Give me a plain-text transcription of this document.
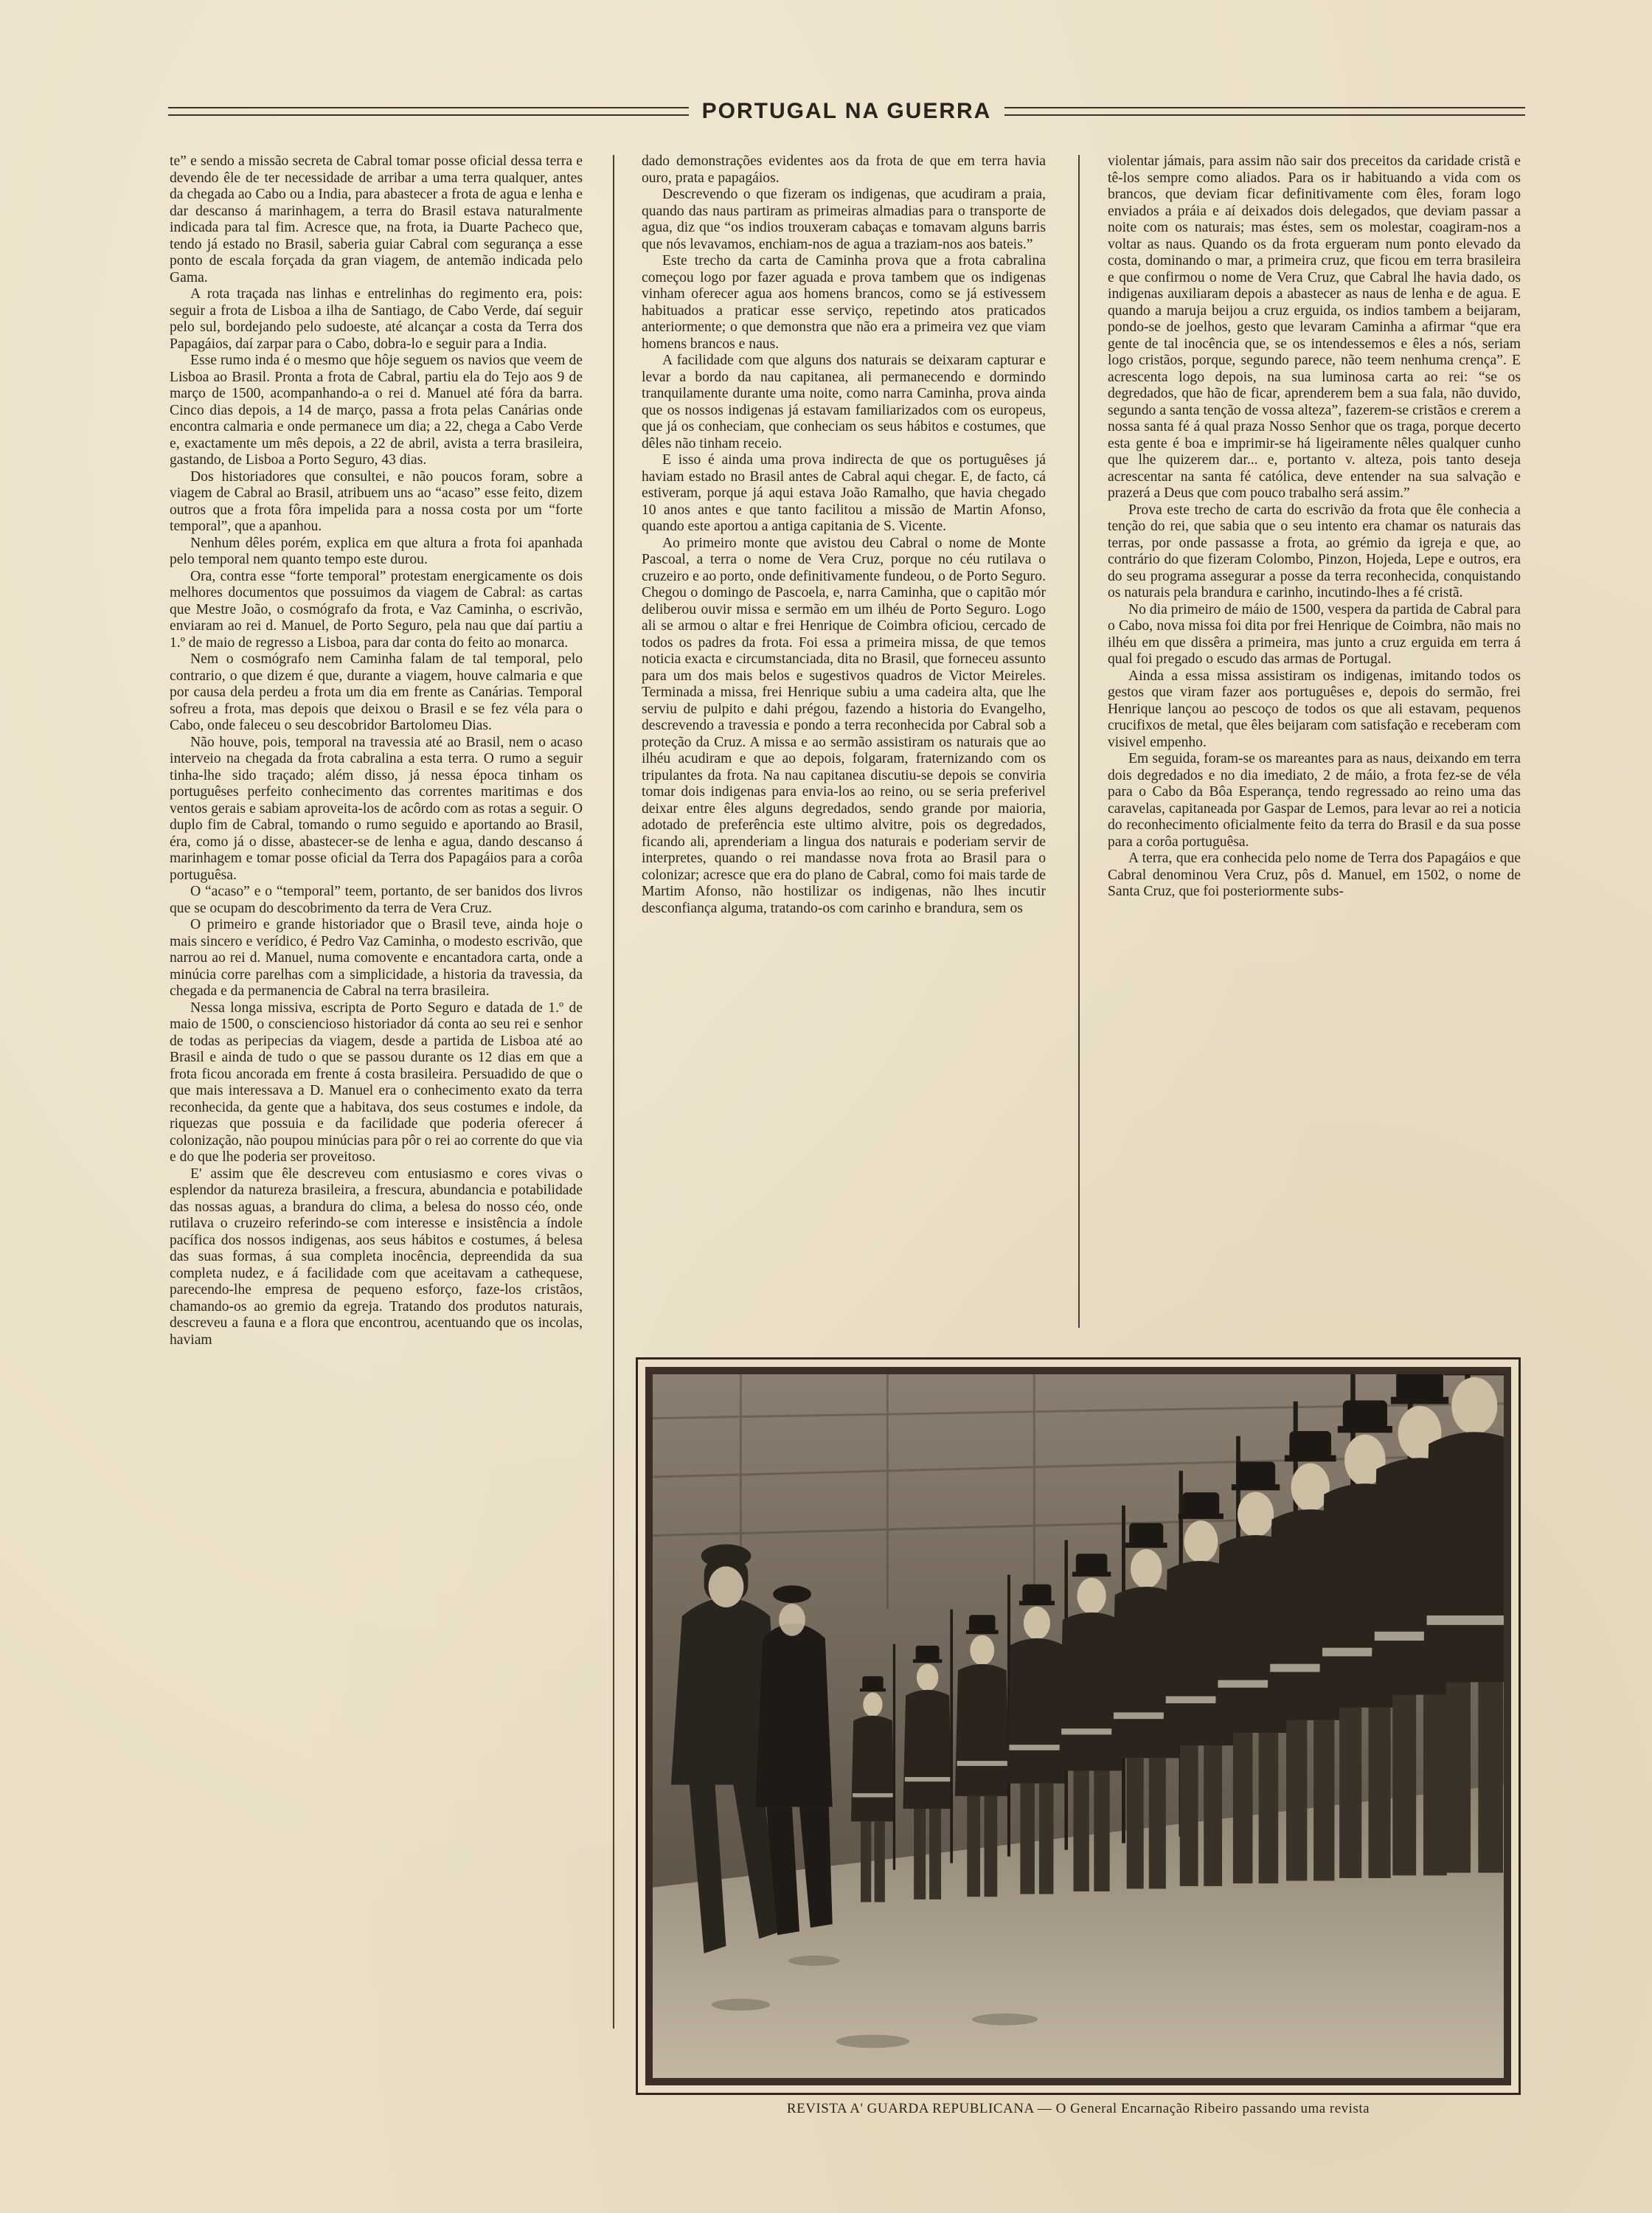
PORTUGAL NA GUERRA

te” e sendo a missão secreta de Cabral tomar posse oficial dessa terra e devendo êle de ter necessidade de arribar a uma terra qualquer, antes da chegada ao Cabo ou a India, para abastecer a frota de agua e lenha e dar descanso á marinhagem, a terra do Brasil estava naturalmente indicada para tal fim. Acresce que, na frota, ia Duarte Pacheco que, tendo já estado no Brasil, saberia guiar Cabral com segurança a esse ponto de escala forçada da gran viagem, de antemão indicada pelo Gama.

A rota traçada nas linhas e entrelinhas do regimento era, pois: seguir a frota de Lisboa a ilha de Santiago, de Cabo Verde, daí seguir pelo sul, bordejando pelo sudoeste, até alcançar a costa da Terra dos Papagáios, daí zarpar para o Cabo, dobra-lo e seguir para a India.

Esse rumo inda é o mesmo que hôje seguem os navios que veem de Lisboa ao Brasil. Pronta a frota de Cabral, partiu ela do Tejo aos 9 de março de 1500, acompanhando-a o rei d. Manuel até fóra da barra. Cinco dias depois, a 14 de março, passa a frota pelas Canárias onde encontra calmaria e onde permanece um dia; a 22, chega a Cabo Verde e, exactamente um mês depois, a 22 de abril, avista a terra brasileira, gastando, de Lisboa a Porto Seguro, 43 dias.

Dos historiadores que consultei, e não poucos foram, sobre a viagem de Cabral ao Brasil, atribuem uns ao “acaso” esse feito, dizem outros que a frota fôra impelida para a nossa costa por um “forte temporal”, que a apanhou.

Nenhum dêles porém, explica em que altura a frota foi apanhada pelo temporal nem quanto tempo este durou.

Ora, contra esse “forte temporal” protestam energicamente os dois melhores documentos que possuimos da viagem de Cabral: as cartas que Mestre João, o cosmógrafo da frota, e Vaz Caminha, o escrivão, enviaram ao rei d. Manuel, de Porto Seguro, pela nau que daí partiu a 1.º de maio de regresso a Lisboa, para dar conta do feito ao monarca.

Nem o cosmógrafo nem Caminha falam de tal temporal, pelo contrario, o que dizem é que, durante a viagem, houve calmaria e que por causa dela perdeu a frota um dia em frente as Canárias. Temporal sofreu a frota, mas depois que deixou o Brasil e se fez véla para o Cabo, onde faleceu o seu descobridor Bartolomeu Dias.

Não houve, pois, temporal na travessia até ao Brasil, nem o acaso interveio na chegada da frota cabralina a esta terra. O rumo a seguir tinha-lhe sido traçado; além disso, já nessa época tinham os portuguêses perfeito conhecimento das correntes maritimas e dos ventos gerais e sabiam aproveita-los de acôrdo com as rotas a seguir. O duplo fim de Cabral, tomando o rumo seguido e aportando ao Brasil, éra, como já o disse, abastecer-se de lenha e agua, dando descanso á marinhagem e tomar posse oficial da Terra dos Papagáios para a corôa portuguêsa.

O “acaso” e o “temporal” teem, portanto, de ser banidos dos livros que se ocupam do descobrimento da terra de Vera Cruz.

O primeiro e grande historiador que o Brasil teve, ainda hoje o mais sincero e verídico, é Pedro Vaz Caminha, o modesto escrivão, que narrou ao rei d. Manuel, numa comovente e encantadora carta, onde a minúcia corre parelhas com a simplicidade, a historia da travessia, da chegada e da permanencia de Cabral na terra brasileira.

Nessa longa missiva, escripta de Porto Seguro e datada de 1.º de maio de 1500, o consciencioso historiador dá conta ao seu rei e senhor de todas as peripecias da viagem, desde a partida de Lisboa até ao Brasil e ainda de tudo o que se passou durante os 12 dias em que a frota ficou ancorada em frente á costa brasileira. Persuadido de que o que mais interessava a D. Manuel era o conhecimento exato da terra reconhecida, da gente que a habitava, dos seus costumes e indole, da riquezas que possuia e da facilidade que poderia oferecer á colonização, não poupou minúcias para pôr o rei ao corrente do que via e do que lhe poderia ser proveitoso.

E' assim que êle descreveu com entusiasmo e cores vivas o esplendor da natureza brasileira, a frescura, abundancia e potabilidade das nossas aguas, a brandura do clima, a belesa do nosso céo, onde rutilava o cruzeiro referindo-se com interesse e insistência a índole pacífica dos nossos indigenas, aos seus hábitos e costumes, á belesa das suas formas, á sua completa inocência, depreendida da sua completa nudez, e á facilidade com que aceitavam a cathequese, parecendo-lhe empresa de pequeno esforço, faze-los cristãos, chamando-os ao gremio da egreja. Tratando dos produtos naturais, descreveu a fauna e a flora que encontrou, acentuando que os incolas, haviam

dado demonstrações evidentes aos da frota de que em terra havia ouro, prata e papagáios.

Descrevendo o que fizeram os indigenas, que acudiram a praia, quando das naus partiram as primeiras almadias para o transporte de agua, diz que “os indios trouxeram cabaças e tomavam alguns barris que nós levavamos, enchiam-nos de agua a traziam-nos aos bateis.”

Este trecho da carta de Caminha prova que a frota cabralina começou logo por fazer aguada e prova tambem que os indigenas vinham oferecer agua aos homens brancos, como se já estivessem habituados a praticar esse serviço, repetindo atos praticados anteriormente; o que demonstra que não era a primeira vez que viam homens brancos e naus.

A facilidade com que alguns dos naturais se deixaram capturar e levar a bordo da nau capitanea, ali permanecendo e dormindo tranquilamente durante uma noite, como narra Caminha, prova ainda que os nossos indigenas já estavam familiarizados com os europeus, que já os conheciam, que conheciam os seus hábitos e costumes, que dêles não tinham receio.

E isso é ainda uma prova indirecta de que os portuguêses já haviam estado no Brasil antes de Cabral aqui chegar. E, de facto, cá estiveram, porque já aqui estava João Ramalho, que havia chegado 10 anos antes e que tanto facilitou a missão de Martin Afonso, quando este aportou a antiga capitania de S. Vicente.

Ao primeiro monte que avistou deu Cabral o nome de Monte Pascoal, a terra o nome de Vera Cruz, porque no céu rutilava o cruzeiro e ao porto, onde definitivamente fundeou, o de Porto Seguro. Chegou o domingo de Pascoela, e, narra Caminha, que o capitão mór deliberou ouvir missa e sermão em um ilhéu de Porto Seguro. Logo ali se armou o altar e frei Henrique de Coimbra oficiou, cercado de todos os padres da frota. Foi essa a primeira missa, de que temos noticia exacta e circumstanciada, dita no Brasil, que forneceu assunto para um dos mais belos e sugestivos quadros de Victor Meireles. Terminada a missa, frei Henrique subiu a uma cadeira alta, que lhe serviu de pulpito e dahi prégou, fazendo a historia do Evangelho, descrevendo a travessia e pondo a terra reconhecida por Cabral sob a proteção da Cruz. A missa e ao sermão assistiram os naturais que ao ilhéu acudiram e que ao depois, folgaram, fraternizando com os tripulantes da frota. Na nau capitanea discutiu-se depois se conviria tomar dois indigenas para envia-los ao reino, ou se seria preferivel deixar entre êles alguns degredados, sendo grande por maioria, adotado de preferência este ultimo alvitre, pois os degredados, ficando ali, aprenderiam a lingua dos naturais e poderiam servir de interpretes, quando o rei mandasse nova frota ao Brasil para o colonizar; acresce que era do plano de Cabral, como foi mais tarde de Martim Afonso, não hostilizar os indigenas, não lhes incutir desconfiança alguma, tratando-os com carinho e brandura, sem os

violentar jámais, para assim não sair dos preceitos da caridade cristã e tê-los sempre como aliados. Para os ir habituando a vida com os brancos, que deviam ficar definitivamente com êles, foram logo enviados a práia e aí deixados dois delegados, que deviam passar a noite com os naturais; mas éstes, sem os molestar, coagiram-nos a voltar as naus. Quando os da frota ergueram num ponto elevado da costa, dominando o mar, a primeira cruz, que ficou em terra brasileira e que confirmou o nome de Vera Cruz, que Cabral lhe havia dado, os indigenas auxiliaram depois a abastecer as naus de lenha e de agua. E quando a maruja beijou a cruz erguida, os indios tambem a beijaram, pondo-se de joelhos, gesto que levaram Caminha a afirmar “que era gente de tal inocência que, se os intendessemos e êles a nós, seriam logo cristãos, porque, segundo parece, não teem nenhuma crença”. E acrescenta logo depois, na sua luminosa carta ao rei: “se os degredados, que hão de ficar, aprenderem bem a sua fala, não duvido, segundo a santa tenção de vossa alteza”, fazerem-se cristãos e crerem a nossa santa fé á qual praza Nosso Senhor que os traga, porque decerto esta gente é boa e imprimir-se há ligeiramente nêles qualquer cunho que lhe quizerem dar... e, portanto v. alteza, pois tanto deseja acrescentar na santa fé católica, deve entender na sua salvação e prazerá a Deus que com pouco trabalho será assim.”

Prova este trecho de carta do escrivão da frota que êle conhecia a tenção do rei, que sabia que o seu intento era chamar os naturais das terras, por onde passasse a frota, ao grémio da igreja e que, ao contrário do que fizeram Colombo, Pinzon, Hojeda, Lepe e outros, era do seu programa assegurar a posse da terra reconhecida, conquistando os naturais pela brandura e carinho, incutindo-lhes a fé cristã.

No dia primeiro de máio de 1500, vespera da partida de Cabral para o Cabo, nova missa foi dita por frei Henrique de Coimbra, não mais no ilhéu em que dissêra a primeira, mas junto a cruz erguida em terra á qual foi pregado o escudo das armas de Portugal.

Ainda a essa missa assistiram os indigenas, imitando todos os gestos que viram fazer aos portuguêses e, depois do sermão, frei Henrique lançou ao pescoço de todos os que ali estavam, pequenos crucifixos de metal, que êles beijaram com satisfação e receberam com visivel empenho.

Em seguida, foram-se os mareantes para as naus, deixando em terra dois degredados e no dia imediato, 2 de máio, a frota fez-se de véla para o Cabo da Bôa Esperança, tendo regressado ao reino uma das caravelas, capitaneada por Gaspar de Lemos, para levar ao rei a noticia do reconhecimento oficialmente feito da terra do Brasil e da sua posse para a corôa portuguêsa.

A terra, que era conhecida pelo nome de Terra dos Papagáios e que Cabral denominou Vera Cruz, pôs d. Manuel, em 1502, o nome de Santa Cruz, que foi posteriormente subs-

REVISTA A' GUARDA REPUBLICANA — O General Encarnação Ribeiro passando uma revista
